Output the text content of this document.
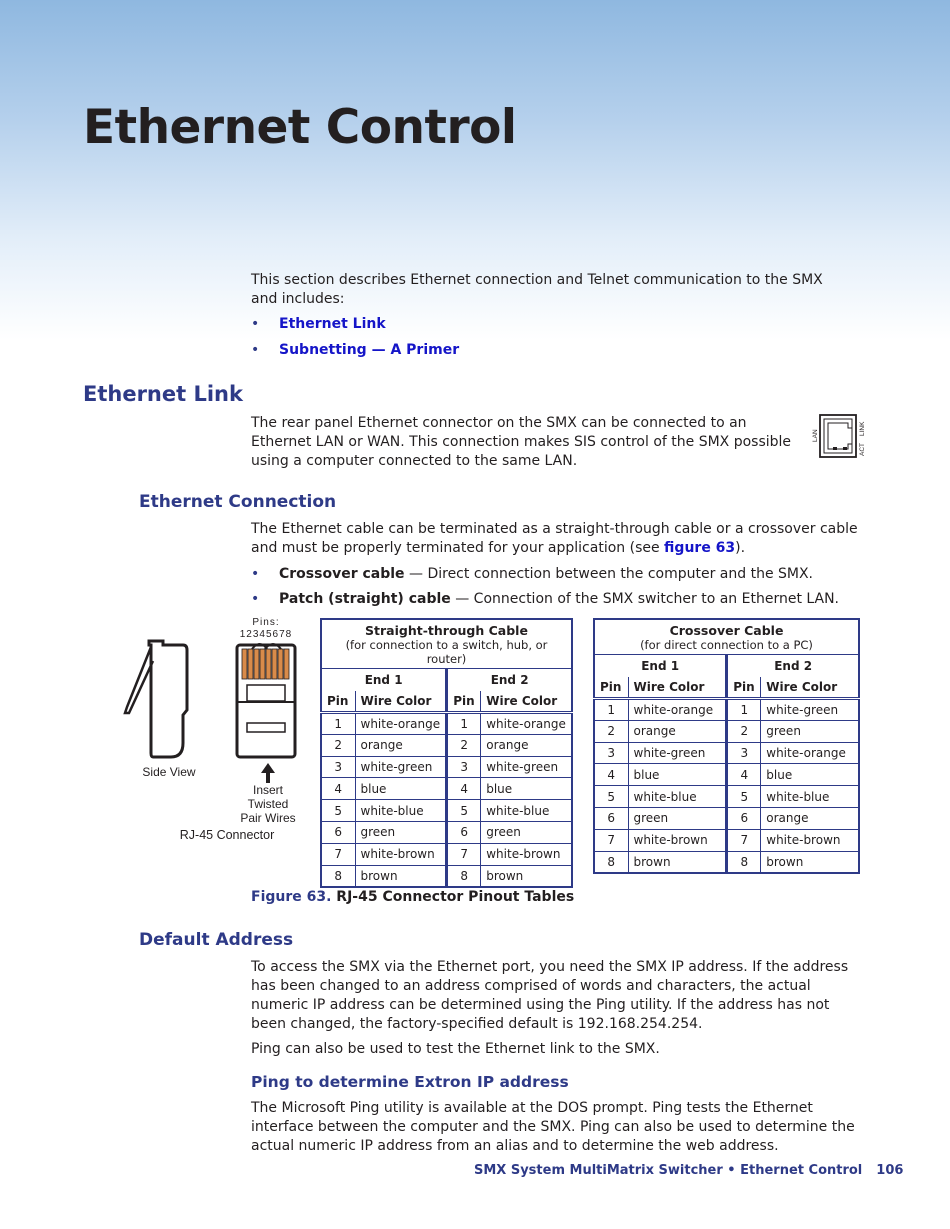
Ethernet Control
This section describes Ethernet connection and Telnet communication to the SMX and includes:
•	Ethernet Link
•	Subnetting — A Primer
Ethernet Link
The rear panel Ethernet connector on the SMX can be connected to an Ethernet LAN or WAN. This connection makes SIS control of the SMX possible using a computer connected to the same LAN.
LAN
ACT
LINK
Ethernet Connection
The Ethernet cable can be terminated as a straight-through cable or a crossover cable and must be properly terminated for your application (see figure 63).
•	Crossover cable — Direct connection between the computer and the SMX.
•	Patch (straight) cable — Connection of the SMX switcher to an Ethernet LAN.
Pins:
12345678
Side View
Insert
Twisted
Pair Wires
RJ-45 Connector
Straight-through Cable
(for connection to a switch, hub, or router)			

End 1		End 2	
Pin	Wire Color	Pin	Wire Color
1	white-orange	1	white-orange
2	orange	2	orange
3	white-green	3	white-green
4	blue	4	blue
5	white-blue	5	white-blue
6	green	6	green
7	white-brown	7	white-brown
8	brown	8	brown
Crossover Cable
(for direct connection to a PC)			

End 1		End 2	
Pin	Wire Color	Pin	Wire Color
1	white-orange	1	white-green
2	orange	2	green
3	white-green	3	white-orange
4	blue	4	blue
5	white-blue	5	white-blue
6	green	6	orange
7	white-brown	7	white-brown
8	brown	8	brown
Figure 63. RJ-45 Connector Pinout Tables
Default Address
To access the SMX via the Ethernet port, you need the SMX IP address. If the address has been changed to an address comprised of words and characters, the actual numeric IP address can be determined using the Ping utility. If the address has not been changed, the factory-specified default is 192.168.254.254.
Ping can also be used to test the Ethernet link to the SMX.
Ping to determine Extron IP address
The Microsoft Ping utility is available at the DOS prompt. Ping tests the Ethernet interface between the computer and the SMX. Ping can also be used to determine the actual numeric IP address from an alias and to determine the web address.
SMX System MultiMatrix Switcher • Ethernet Control 106
